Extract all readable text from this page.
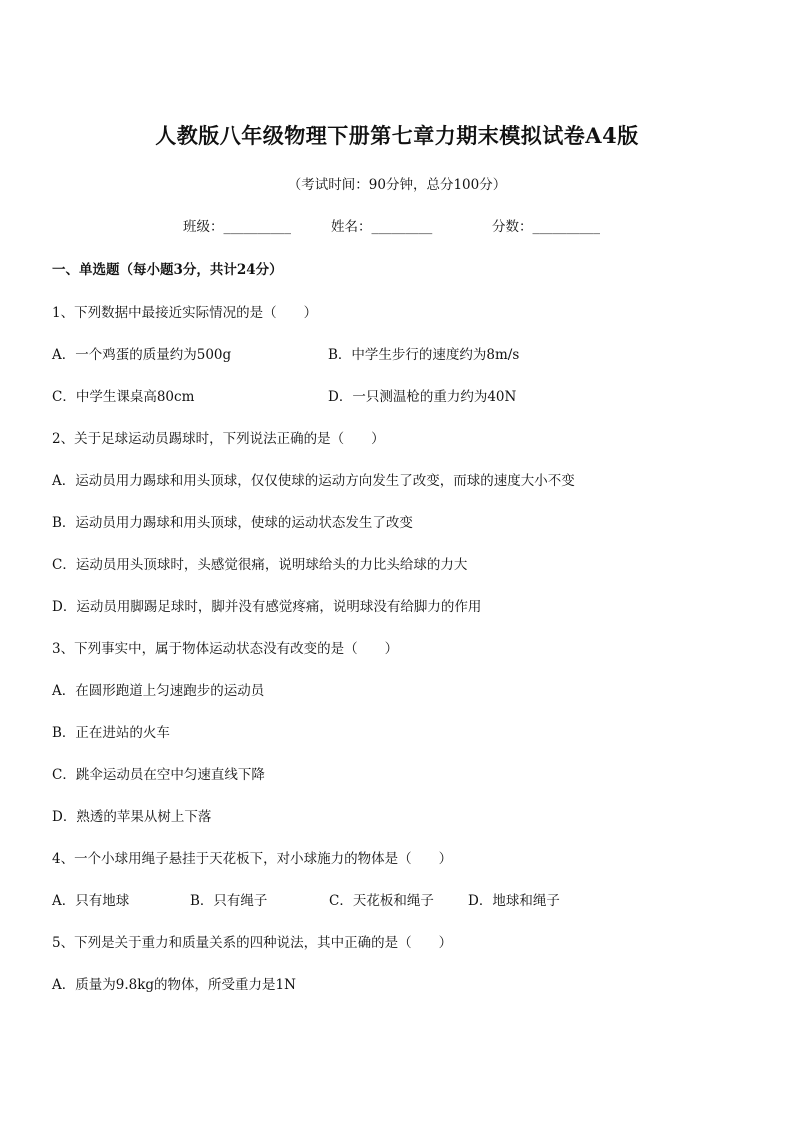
人教版八年级物理下册第七章力期末模拟试卷A4版
（考试时间：90分钟，总分100分）
班级：__________	姓名：_________	分数：__________
一、单选题（每小题3分，共计24分）
1、下列数据中最接近实际情况的是（　　）
A．一个鸡蛋的质量约为500g	B．中学生步行的速度约为8m/s
C．中学生课桌高80cm	D．一只测温枪的重力约为40N
2、关于足球运动员踢球时，下列说法正确的是（　　）
A．运动员用力踢球和用头顶球，仅仅使球的运动方向发生了改变，而球的速度大小不变
B．运动员用力踢球和用头顶球，使球的运动状态发生了改变
C．运动员用头顶球时，头感觉很痛，说明球给头的力比头给球的力大
D．运动员用脚踢足球时，脚并没有感觉疼痛，说明球没有给脚力的作用
3、下列事实中，属于物体运动状态没有改变的是（　　）
A．在圆形跑道上匀速跑步的运动员
B．正在进站的火车
C．跳伞运动员在空中匀速直线下降
D．熟透的苹果从树上下落
4、一个小球用绳子悬挂于天花板下，对小球施力的物体是（　　）
A．只有地球	B．只有绳子	C．天花板和绳子	D．地球和绳子
5、下列是关于重力和质量关系的四种说法，其中正确的是（　　）
A．质量为9.8kg的物体，所受重力是1N
